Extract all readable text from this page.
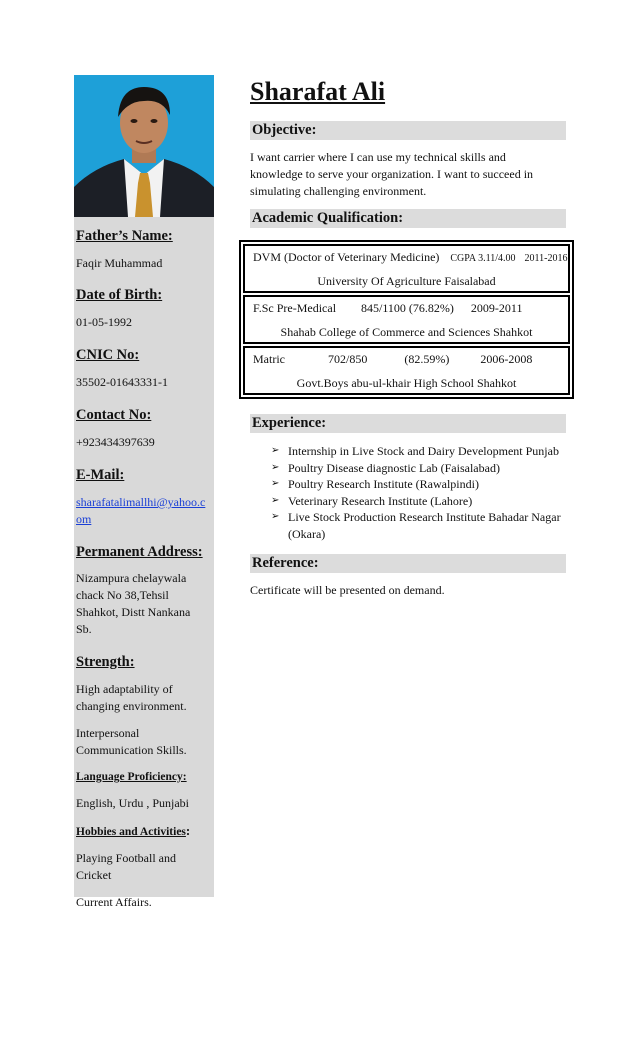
Father’s Name:

Faqir Muhammad

Date of Birth:

01-05-1992

CNIC No:

35502-01643331-1

Contact No:

+923434397639

E-Mail:

sharafatalimallhi@yahoo.com

Permanent Address:

Nizampura chelaywala chack No 38,Tehsil Shahkot, Distt Nankana Sb.

Strength:

High adaptability of changing environment.

Interpersonal Communication Skills.

Language Proficiency:

English, Urdu , Punjabi

Hobbies and Activities:

Playing Football and Cricket

Current Affairs.

Sharafat Ali
Objective:

I want carrier where I can use my technical skills and knowledge to serve your organization. I want to succeed in simulating challenging environment.

Academic Qualification:
DVM (Doctor of Veterinary Medicine) CGPA 3.11/4.00 2011-2016
University Of Agriculture Faisalabad
F.Sc Pre-Medical 845/1100 (76.82%) 2009-2011
Shahab College of Commerce and Sciences Shahkot
Matric	702/850	(82.59%)	2006-2008
Govt.Boys abu-ul-khair High School Shahkot
Experience:
➢ Internship in Live Stock and Dairy Development Punjab
➢ Poultry Disease diagnostic Lab (Faisalabad)
➢ Poultry Research Institute (Rawalpindi)
➢ Veterinary Research Institute (Lahore)
➢ Live Stock Production Research Institute Bahadar Nagar (Okara)
Reference:

Certificate will be presented on demand.
